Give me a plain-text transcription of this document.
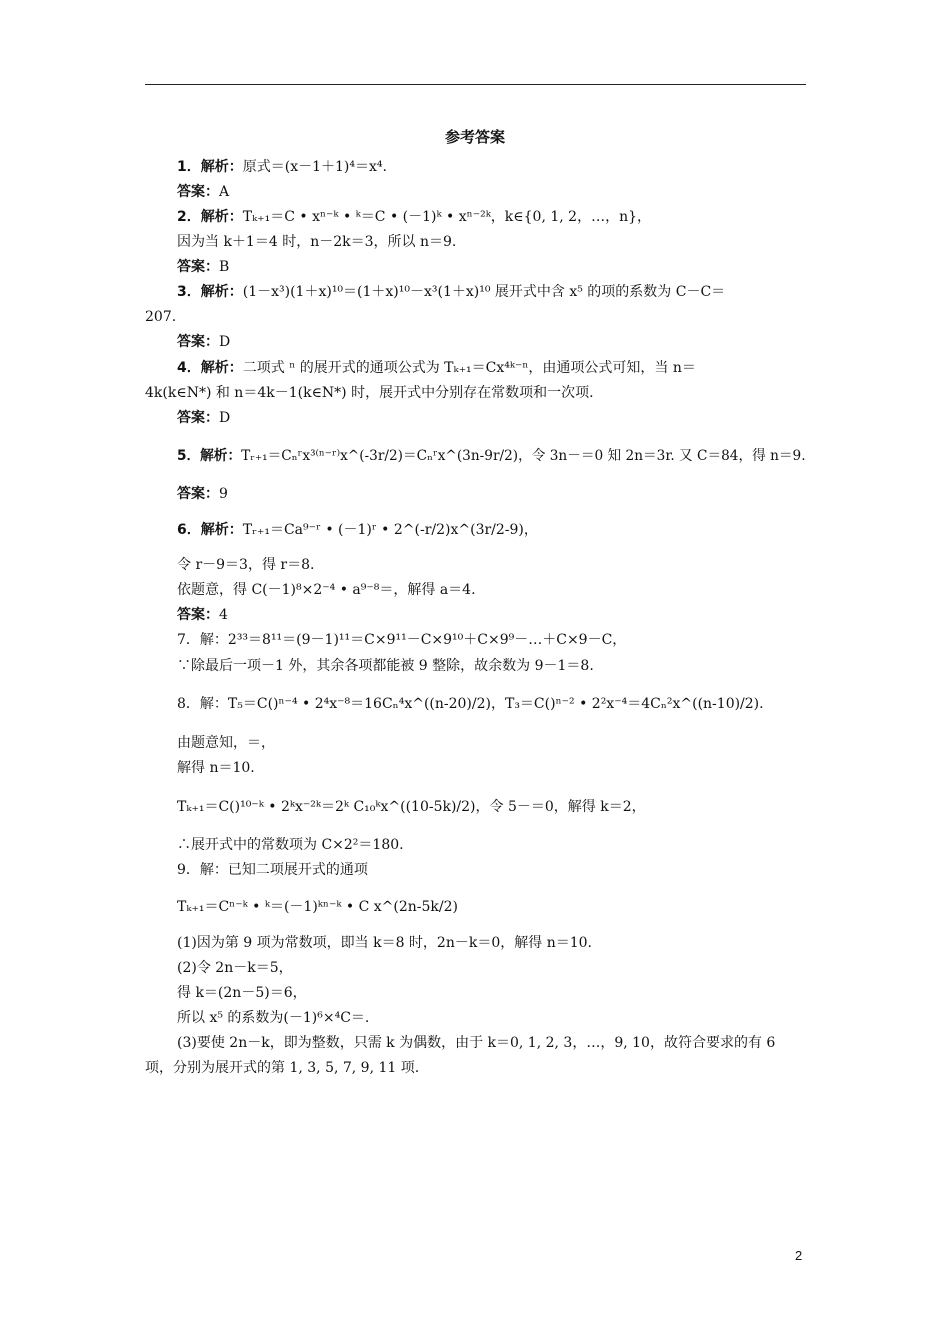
参考答案
1．解析：原式＝(x－1＋1)⁴＝x⁴.
答案：A
2．解析：Tₖ₊₁＝C • xⁿ⁻ᵏ • ᵏ＝C • (－1)ᵏ • xⁿ⁻²ᵏ，k∈{0, 1, 2，…，n}，
因为当 k＋1＝4 时，n－2k＝3，所以 n＝9.
答案：B
3．解析：(1－x³)(1＋x)¹⁰＝(1＋x)¹⁰－x³(1＋x)¹⁰ 展开式中含 x⁵ 的项的系数为 C－C＝
207.
答案：D
4．解析：二项式 ⁿ 的展开式的通项公式为 Tₖ₊₁＝Cx⁴ᵏ⁻ⁿ，由通项公式可知，当 n＝
4k(k∈N*) 和 n＝4k－1(k∈N*) 时，展开式中分别存在常数项和一次项.
答案：D
5．解析：Tᵣ₊₁＝Cₙʳx³⁽ⁿ⁻ʳ⁾x^(-3r/2)＝Cₙʳx^(3n-9r/2)，令 3n－＝0 知 2n＝3r. 又 C＝84，得 n＝9.
答案：9
6．解析：Tᵣ₊₁＝Ca⁹⁻ʳ • (－1)ʳ • 2^(-r/2)x^(3r/2-9)，
令 r－9＝3，得 r＝8.
依题意，得 C(－1)⁸×2⁻⁴ • a⁹⁻⁸＝，解得 a＝4.
答案：4
7．解：2³³＝8¹¹＝(9－1)¹¹＝C×9¹¹－C×9¹⁰＋C×9⁹－…＋C×9－C，
∵除最后一项－1 外，其余各项都能被 9 整除，故余数为 9－1＝8.
8．解：T₅＝C()ⁿ⁻⁴ • 2⁴x⁻⁸＝16Cₙ⁴x^((n-20)/2)，T₃＝C()ⁿ⁻² • 2²x⁻⁴＝4Cₙ²x^((n-10)/2).
由题意知，＝，
解得 n＝10.
Tₖ₊₁＝C()¹⁰⁻ᵏ • 2ᵏx⁻²ᵏ＝2ᵏ C₁₀ᵏx^((10-5k)/2)，令 5－＝0，解得 k＝2，
∴展开式中的常数项为 C×2²＝180.
9．解：已知二项展开式的通项
Tₖ₊₁＝Cⁿ⁻ᵏ • ᵏ＝(－1)ᵏⁿ⁻ᵏ • C x^(2n-5k/2)
(1)因为第 9 项为常数项，即当 k＝8 时，2n－k＝0，解得 n＝10.
(2)令 2n－k＝5，
得 k＝(2n－5)＝6，
所以 x⁵ 的系数为(－1)⁶×⁴C＝.
(3)要使 2n－k，即为整数，只需 k 为偶数，由于 k＝0, 1, 2, 3，…，9, 10，故符合要求的有 6
项，分别为展开式的第 1, 3, 5, 7, 9, 11 项.
2
